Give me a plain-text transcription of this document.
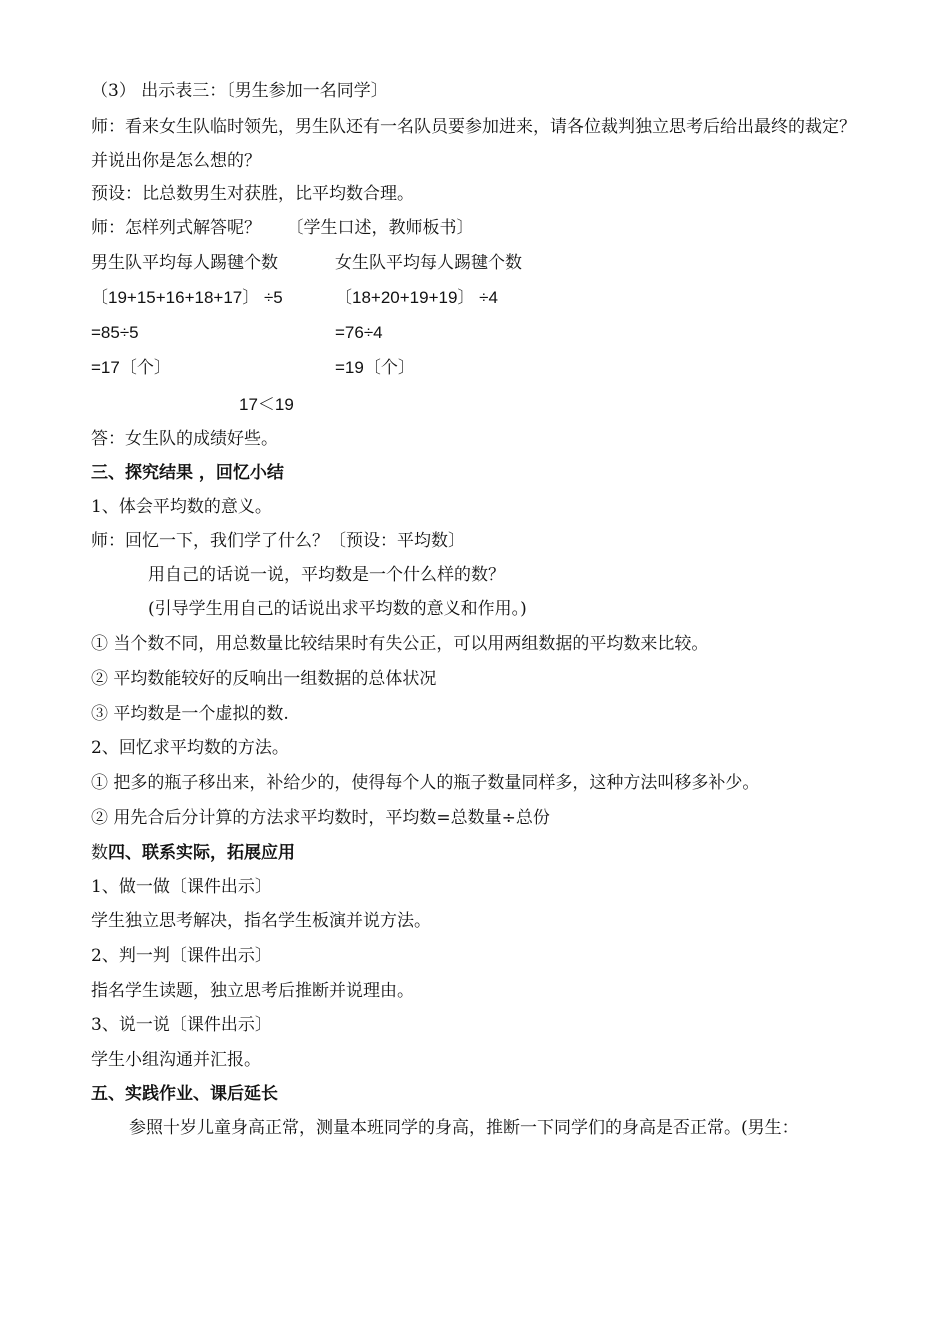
（3） 出示表三：〔男生参加一名同学〕
师：看来女生队临时领先，男生队还有一名队员要参加进来，请各位裁判独立思考后给出最终的裁定？并说出你是怎么想的？
预设：比总数男生对获胜，比平均数合理。
师：怎样列式解答呢？　　〔学生口述，教师板书〕
男生队平均每人踢毽个数	女生队平均每人踢毽个数
〔19+15+16+18+17〕 ÷5	〔18+20+19+19〕 ÷4
=85÷5	=76÷4
=17〔个〕	=19〔个〕
17＜19
答：女生队的成绩好些。
三、探究结果 ，回忆小结
1、体会平均数的意义。
师：回忆一下，我们学了什么？〔预设：平均数〕
用自己的话说一说，平均数是一个什么样的数？
(引导学生用自己的话说出求平均数的意义和作用。)
① 当个数不同，用总数量比较结果时有失公正，可以用两组数据的平均数来比较。
② 平均数能较好的反响出一组数据的总体状况
③ 平均数是一个虚拟的数.
2、回忆求平均数的方法。
① 把多的瓶子移出来，补给少的，使得每个人的瓶子数量同样多，这种方法叫移多补少。
② 用先合后分计算的方法求平均数时，平均数=总数量÷总份
数四、联系实际，拓展应用
1、做一做〔课件出示〕
学生独立思考解决，指名学生板演并说方法。
2、判一判〔课件出示〕
指名学生读题，独立思考后推断并说理由。
3、说一说〔课件出示〕
学生小组沟通并汇报。
五、实践作业、课后延长
参照十岁儿童身高正常，测量本班同学的身高，推断一下同学们的身高是否正常。(男生：
